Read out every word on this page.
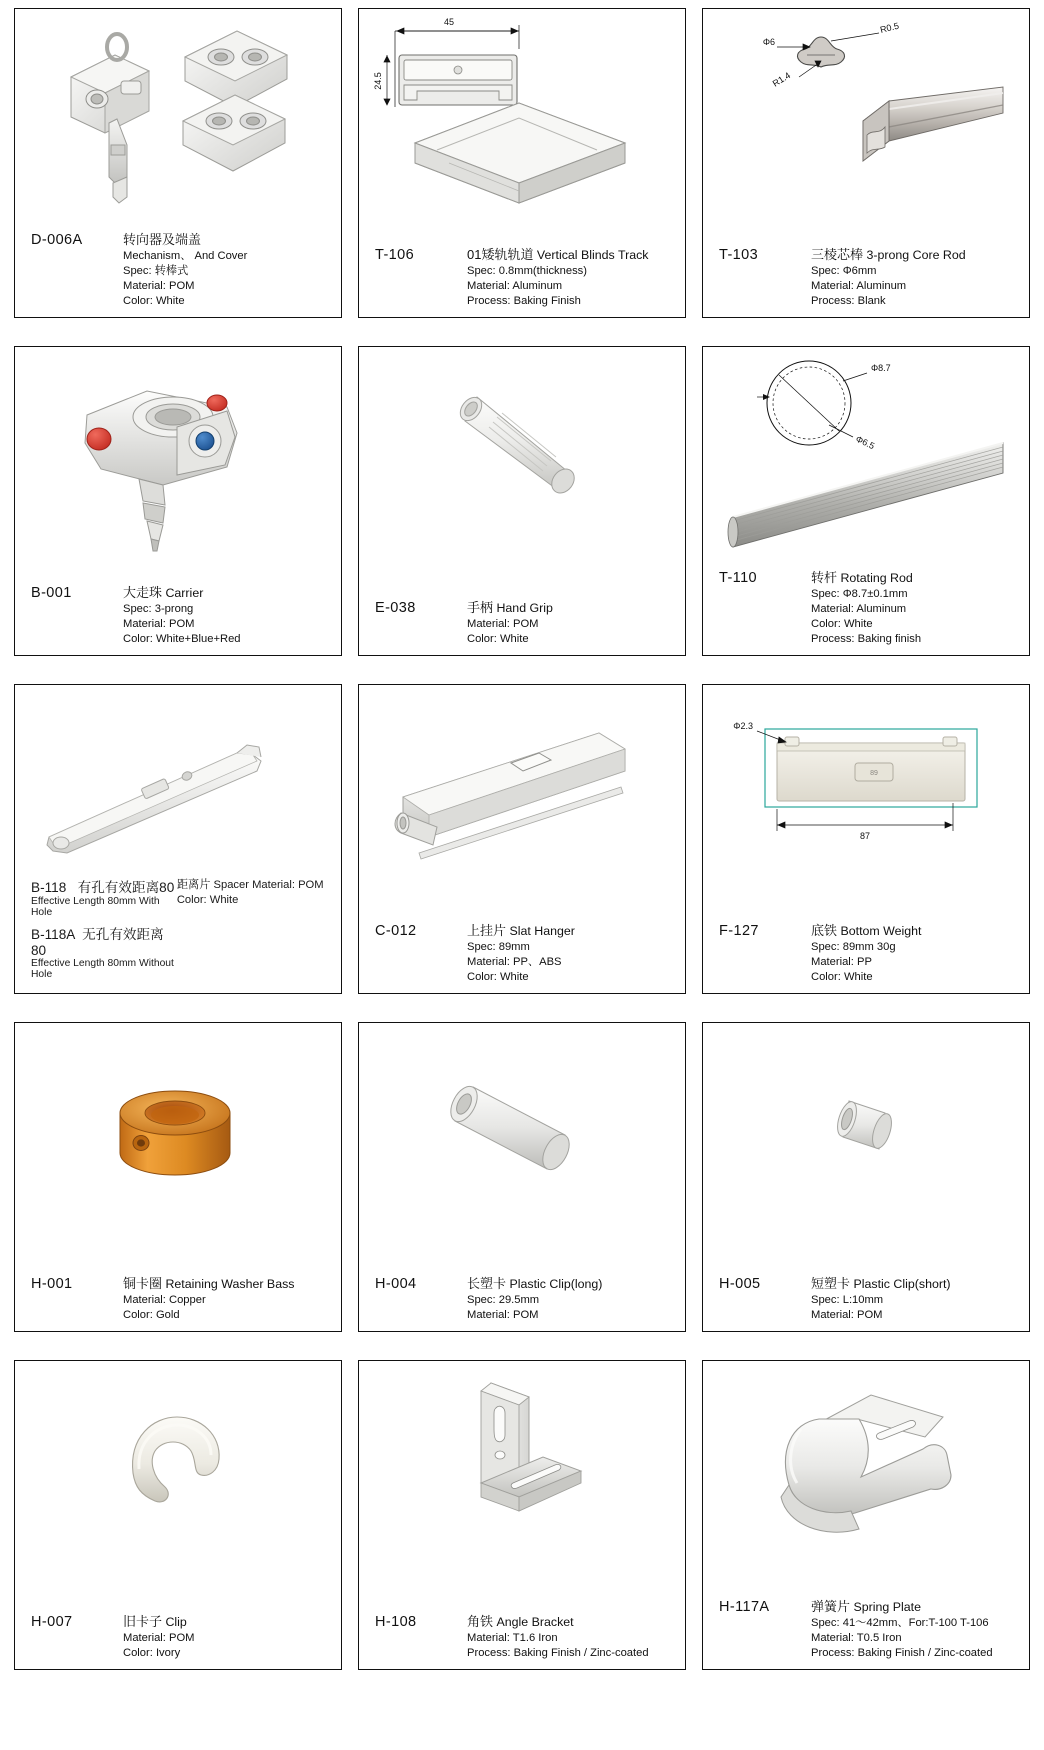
D-006A	转向器及端盖
Mechanism、 And Cover
Spec: 转棒式
Material: POM
Color: White
45
24.5
T-106	01矮轨轨道 Vertical Blinds Track
Spec: 0.8mm(thickness)
Material: Aluminum
Process: Baking Finish
Φ6
R0.5
R1.4
T-103	三棱芯棒 3-prong Core Rod
Spec: Φ6mm
Material: Aluminum
Process: Blank
B-001	大走珠 Carrier
Spec: 3-prong
Material: POM
Color: White+Blue+Red
E-038	手柄 Hand Grip
Material: POM
Color: White
Φ8.7
Φ6.5
T-110	转杆 Rotating Rod
Spec: Φ8.7±0.1mm
Material: Aluminum
Color: White
Process: Baking finish
B-118 有孔有效距离80
Effective Length 80mm With Hole
B-118A 无孔有效距离80
Effective Length 80mm Without Hole
距离片 Spacer Material: POM Color: White
C-012	上挂片 Slat Hanger
Spec: 89mm
Material: PP、ABS
Color: White
89
Φ2.3
87
F-127	底铁 Bottom Weight
Spec: 89mm 30g
Material: PP
Color: White
H-001	铜卡圈 Retaining Washer Bass
Material: Copper
Color: Gold
H-004	长塑卡 Plastic Clip(long)
Spec: 29.5mm
Material: POM
H-005	短塑卡 Plastic Clip(short)
Spec: L:10mm
Material: POM
H-007	旧卡子 Clip
Material: POM
Color: Ivory
H-108	角铁 Angle Bracket
Material: T1.6 Iron
Process: Baking Finish / Zinc-coated
H-117A	弹簧片 Spring Plate
Spec: 41～42mm、For:T-100 T-106
Material: T0.5 Iron
Process: Baking Finish / Zinc-coated
